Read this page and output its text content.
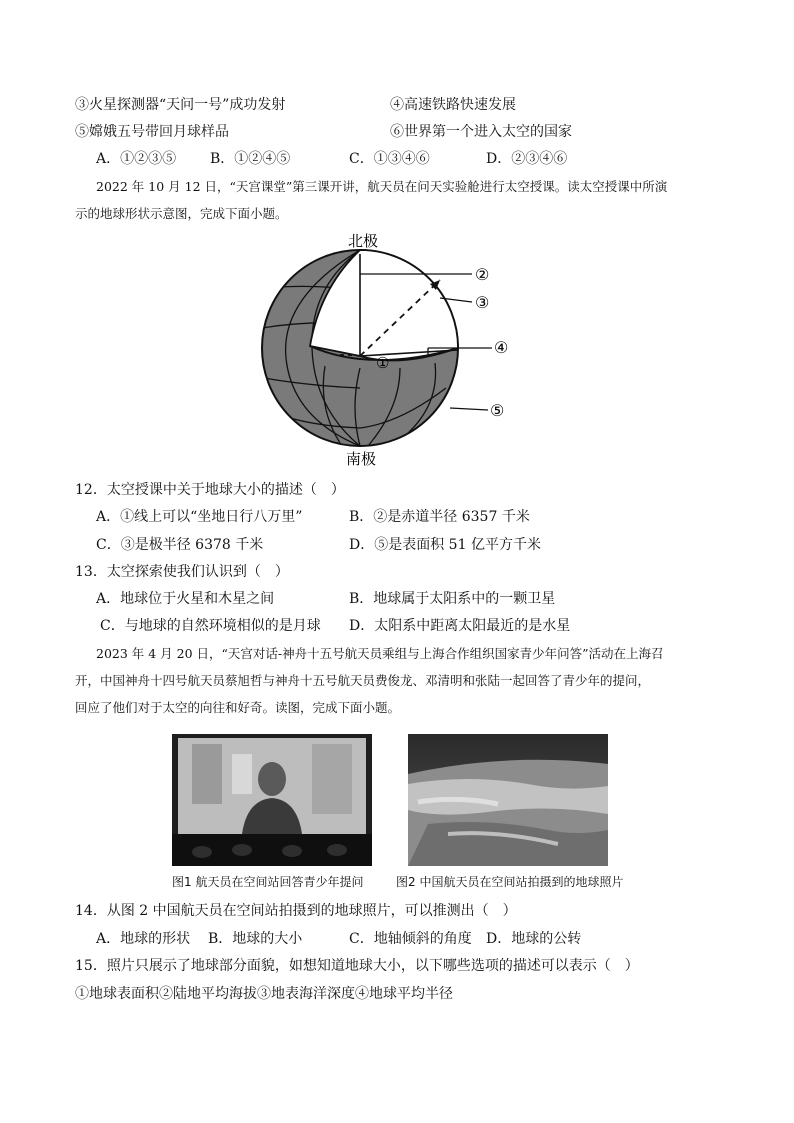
③火星探测器“天问一号”成功发射	④高速铁路快速发展
⑤嫦娥五号带回月球样品	⑥世界第一个进入太空的国家
A．①②③⑤ B．①②④⑤	C．①③④⑥	D．②③④⑥
2022 年 10 月 12 日，“天宫课堂”第三课开讲，航天员在问天实验舱进行太空授课。读太空授课中所演
示的地球形状示意图，完成下面小题。
北极
南极
①
②
③
④
⑤
12．太空授课中关于地球大小的描述（　）
A．①线上可以“坐地日行八万里”	B．②是赤道半径 6357 千米
C．③是极半径 6378 千米	D．⑤是表面积 51 亿平方千米
13．太空探索使我们认识到（　）
A．地球位于火星和木星之间	B．地球属于太阳系中的一颗卫星
C．与地球的自然环境相似的是月球 D．太阳系中距离太阳最近的是水星
2023 年 4 月 20 日，“天宫对话-神舟十五号航天员乘组与上海合作组织国家青少年问答”活动在上海召
开，中国神舟十四号航天员蔡旭哲与神舟十五号航天员费俊龙、邓清明和张陆一起回答了青少年的提问，
回应了他们对于太空的向往和好奇。读图，完成下面小题。
图1 航天员在空间站回答青少年提问	图2 中国航天员在空间站拍摄到的地球照片
14．从图 2 中国航天员在空间站拍摄到的地球照片，可以推测出（　）
A．地球的形状 B．地球的大小	C．地轴倾斜的角度 D．地球的公转
15．照片只展示了地球部分面貌，如想知道地球大小，以下哪些选项的描述可以表示（　）
①地球表面积②陆地平均海拔③地表海洋深度④地球平均半径
